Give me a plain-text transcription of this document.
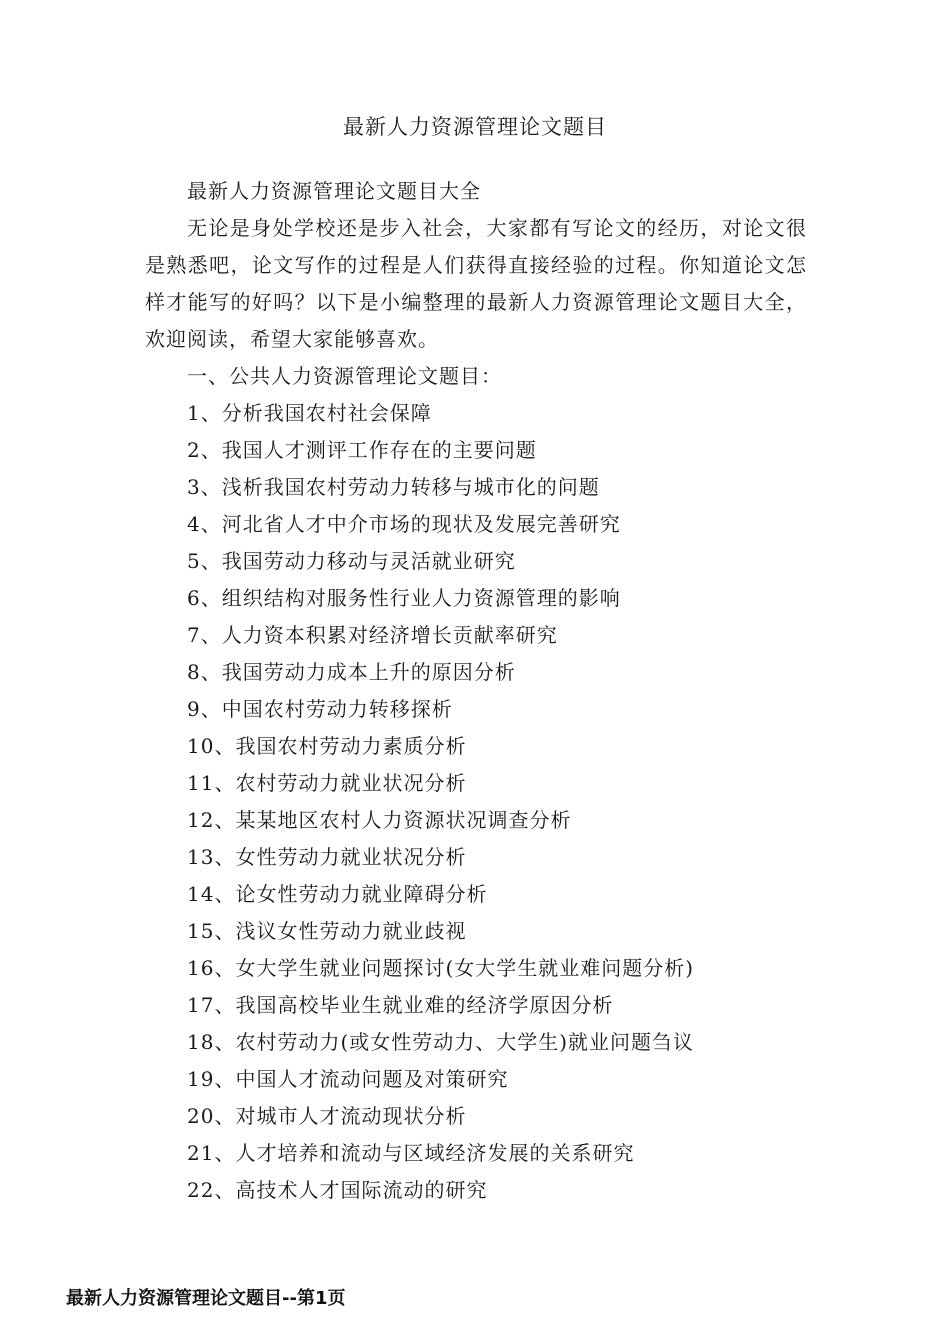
最新人力资源管理论文题目

最新人力资源管理论文题目大全

无论是身处学校还是步入社会，大家都有写论文的经历，对论文很是熟悉吧，论文写作的过程是人们获得直接经验的过程。你知道论文怎样才能写的好吗？以下是小编整理的最新人力资源管理论文题目大全，欢迎阅读，希望大家能够喜欢。

一、公共人力资源管理论文题目：

1、分析我国农村社会保障
2、我国人才测评工作存在的主要问题
3、浅析我国农村劳动力转移与城市化的问题
4、河北省人才中介市场的现状及发展完善研究
5、我国劳动力移动与灵活就业研究
6、组织结构对服务性行业人力资源管理的影响
7、人力资本积累对经济增长贡献率研究
8、我国劳动力成本上升的原因分析
9、中国农村劳动力转移探析
10、我国农村劳动力素质分析
11、农村劳动力就业状况分析
12、某某地区农村人力资源状况调查分析
13、女性劳动力就业状况分析
14、论女性劳动力就业障碍分析
15、浅议女性劳动力就业歧视
16、女大学生就业问题探讨(女大学生就业难问题分析)
17、我国高校毕业生就业难的经济学原因分析
18、农村劳动力(或女性劳动力、大学生)就业问题刍议
19、中国人才流动问题及对策研究
20、对城市人才流动现状分析
21、人才培养和流动与区域经济发展的关系研究
22、高技术人才国际流动的研究
最新人力资源管理论文题目--第1页
